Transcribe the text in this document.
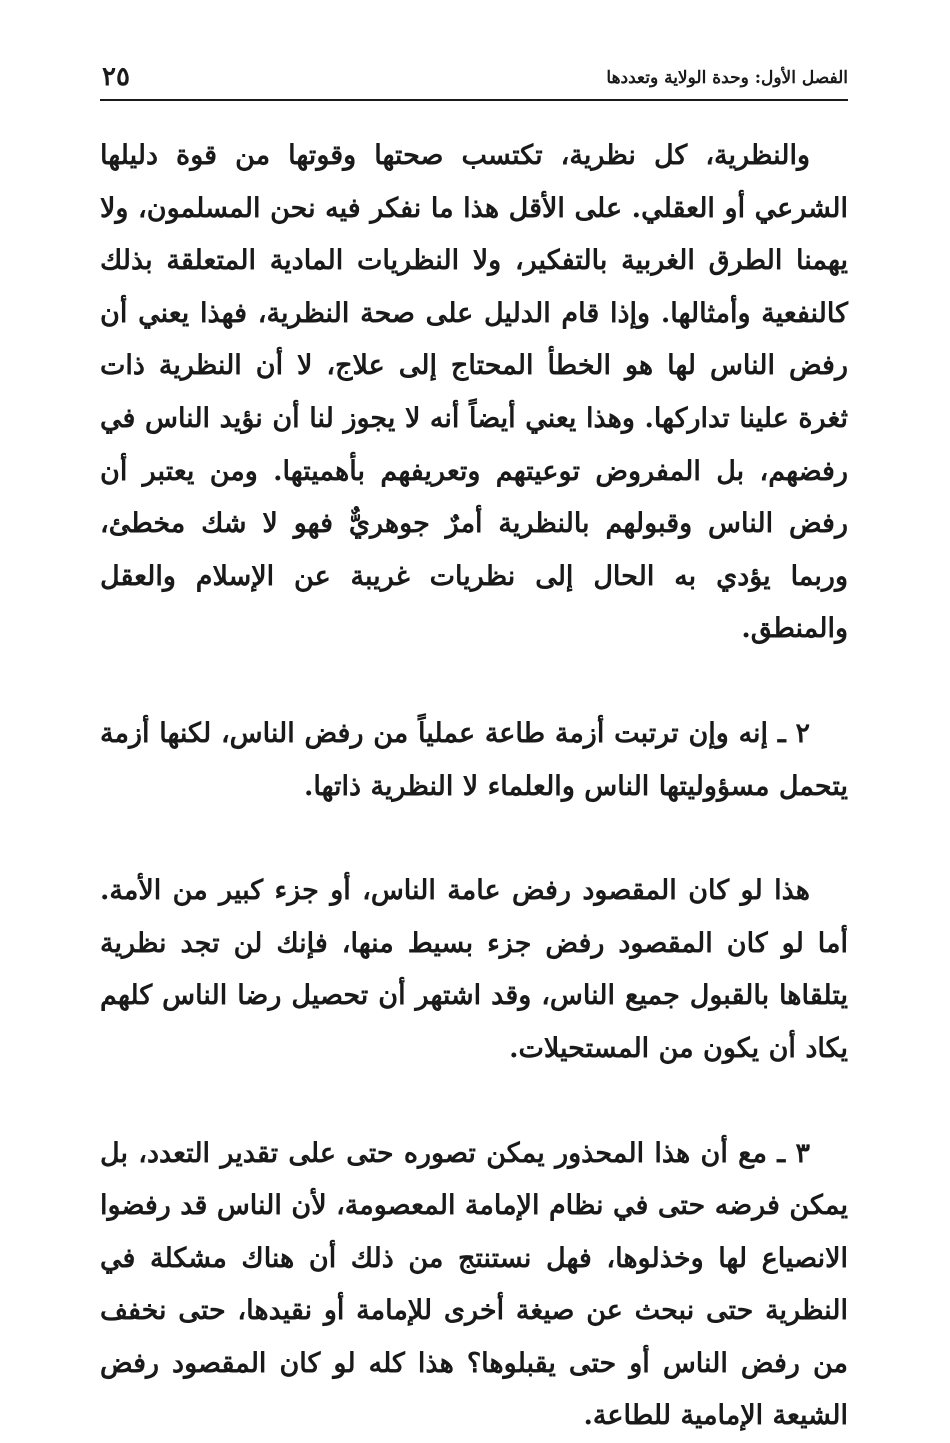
الفصل الأول: وحدة الولاية وتعددها
٢٥

والنظرية، كل نظرية، تكتسب صحتها وقوتها من قوة دليلها الشرعي أو العقلي. على الأقل هذا ما نفكر فيه نحن المسلمون، ولا يهمنا الطرق الغربية بالتفكير، ولا النظريات المادية المتعلقة بذلك كالنفعية وأمثالها. وإذا قام الدليل على صحة النظرية، فهذا يعني أن رفض الناس لها هو الخطأ المحتاج إلى علاج، لا أن النظرية ذات ثغرة علينا تداركها. وهذا يعني أيضاً أنه لا يجوز لنا أن نؤيد الناس في رفضهم، بل المفروض توعيتهم وتعريفهم بأهميتها. ومن يعتبر أن رفض الناس وقبولهم بالنظرية أمرٌ جوهريٌّ فهو لا شك مخطئ، وربما يؤدي به الحال إلى نظريات غريبة عن الإسلام والعقل والمنطق.

٢ ـ إنه وإن ترتبت أزمة طاعة عملياً من رفض الناس، لكنها أزمة يتحمل مسؤوليتها الناس والعلماء لا النظرية ذاتها.

هذا لو كان المقصود رفض عامة الناس، أو جزء كبير من الأمة. أما لو كان المقصود رفض جزء بسيط منها، فإنك لن تجد نظرية يتلقاها بالقبول جميع الناس، وقد اشتهر أن تحصيل رضا الناس كلهم يكاد أن يكون من المستحيلات.

٣ ـ مع أن هذا المحذور يمكن تصوره حتى على تقدير التعدد، بل يمكن فرضه حتى في نظام الإمامة المعصومة، لأن الناس قد رفضوا الانصياع لها وخذلوها، فهل نستنتج من ذلك أن هناك مشكلة في النظرية حتى نبحث عن صيغة أخرى للإمامة أو نقيدها، حتى نخفف من رفض الناس أو حتى يقبلوها؟ هذا كله لو كان المقصود رفض الشيعة الإمامية للطاعة.
